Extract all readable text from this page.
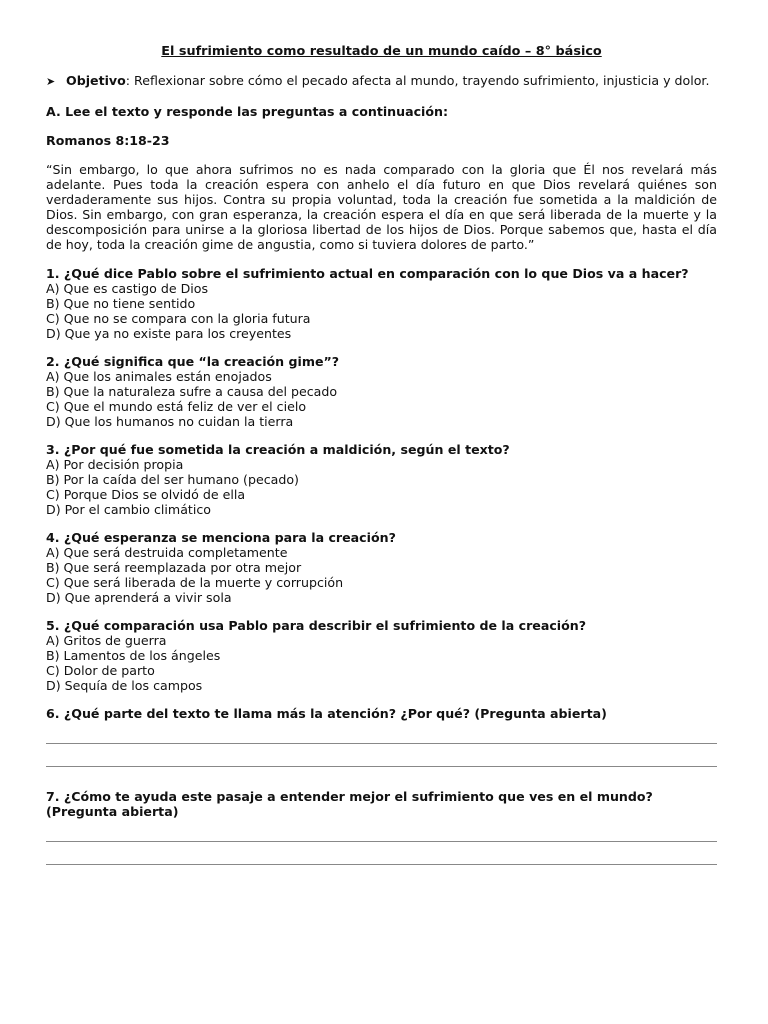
El sufrimiento como resultado de un mundo caído – 8° básico
➤ Objetivo: Reflexionar sobre cómo el pecado afecta al mundo, trayendo sufrimiento, injusticia y dolor.
A. Lee el texto y responde las preguntas a continuación:
Romanos 8:18-23
“Sin embargo, lo que ahora sufrimos no es nada comparado con la gloria que Él nos revelará más adelante. Pues toda la creación espera con anhelo el día futuro en que Dios revelará quiénes son verdaderamente sus hijos. Contra su propia voluntad, toda la creación fue sometida a la maldición de Dios. Sin embargo, con gran esperanza, la creación espera el día en que será liberada de la muerte y la descomposición para unirse a la gloriosa libertad de los hijos de Dios. Porque sabemos que, hasta el día de hoy, toda la creación gime de angustia, como si tuviera dolores de parto.”
1. ¿Qué dice Pablo sobre el sufrimiento actual en comparación con lo que Dios va a hacer?
A) Que es castigo de Dios
B) Que no tiene sentido
C) Que no se compara con la gloria futura
D) Que ya no existe para los creyentes
2. ¿Qué significa que “la creación gime”?
A) Que los animales están enojados
B) Que la naturaleza sufre a causa del pecado
C) Que el mundo está feliz de ver el cielo
D) Que los humanos no cuidan la tierra
3. ¿Por qué fue sometida la creación a maldición, según el texto?
A) Por decisión propia
B) Por la caída del ser humano (pecado)
C) Porque Dios se olvidó de ella
D) Por el cambio climático
4. ¿Qué esperanza se menciona para la creación?
A) Que será destruida completamente
B) Que será reemplazada por otra mejor
C) Que será liberada de la muerte y corrupción
D) Que aprenderá a vivir sola
5. ¿Qué comparación usa Pablo para describir el sufrimiento de la creación?
A) Gritos de guerra
B) Lamentos de los ángeles
C) Dolor de parto
D) Sequía de los campos
6. ¿Qué parte del texto te llama más la atención? ¿Por qué? (Pregunta abierta)
7. ¿Cómo te ayuda este pasaje a entender mejor el sufrimiento que ves en el mundo? (Pregunta abierta)
